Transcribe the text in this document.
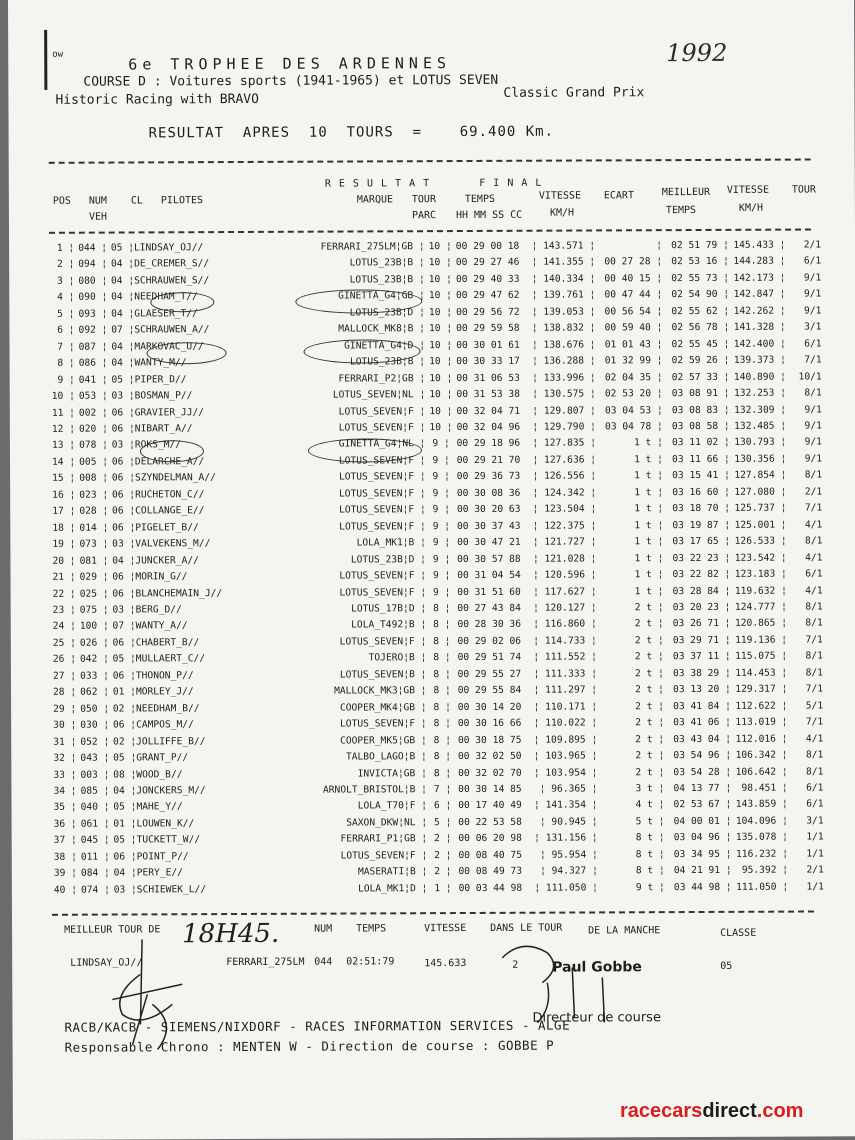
ow	6e TROPHEE DES ARDENNES	1992
COURSE D : Voitures sports (1941-1965) et LOTUS SEVEN
Historic Racing with BRAVO	Classic Grand Prix
RESULTAT  APRES  10  TOURS  =    69.400 Km.
R E S U L T A T       F I N A L
POS NUM
VEH
CL PILOTES	MARQUE TOUR
PARC
TEMPS
HH MM SS CC
VITESSE
KM/H
ECART	MEILLEUR
TEMPS
VITESSE
KM/H
TOUR
1 ¦	044 ¦	05 ¦	LINDSAY_OJ//	FERRARI_275LM¦GB ¦	10 ¦	00 29 00 18	¦ 143.571 ¦	¦	02 51 79 ¦	145.433 ¦	2/1
2 ¦	094 ¦	04 ¦	DE_CREMER_S//	LOTUS_23B¦B ¦	10 ¦	00 29 27 46	¦ 141.355 ¦	00 27 28 ¦	02 53 16 ¦	144.283 ¦	6/1
3 ¦	080 ¦	04 ¦	SCHRAUWEN_S//	LOTUS_23B¦B ¦	10 ¦	00 29 40 33	¦ 140.334 ¦	00 40 15 ¦	02 55 73 ¦	142.173 ¦	9/1
4 ¦	090 ¦	04 ¦	NEEDHAM_T//	GINETTA_G4¦GB ¦	10 ¦	00 29 47 62	¦ 139.761 ¦	00 47 44 ¦	02 54 90 ¦	142.847 ¦	9/1
5 ¦	093 ¦	04 ¦	GLAESER_T//	LOTUS_23B¦D ¦	10 ¦	00 29 56 72	¦ 139.053 ¦	00 56 54 ¦	02 55 62 ¦	142.262 ¦	9/1
6 ¦	092 ¦	07 ¦	SCHRAUWEN_A//	MALLOCK_MK8¦B ¦	10 ¦	00 29 59 58	¦ 138.832 ¦	00 59 40 ¦	02 56 78 ¦	141.328 ¦	3/1
7 ¦	087 ¦	04 ¦	MARKOVAC_U//	GINETTA_G4¦D ¦	10 ¦	00 30 01 61	¦ 138.676 ¦	01 01 43 ¦	02 55 45 ¦	142.400 ¦	6/1
8 ¦	086 ¦	04 ¦	WANTY_M//	LOTUS_23B¦B ¦	10 ¦	00 30 33 17	¦ 136.288 ¦	01 32 99 ¦	02 59 26 ¦	139.373 ¦	7/1
9 ¦	041 ¦	05 ¦	PIPER_D//	FERRARI_P2¦GB ¦	10 ¦	00 31 06 53	¦ 133.996 ¦	02 04 35 ¦	02 57 33 ¦	140.890 ¦	10/1
10 ¦	053 ¦	03 ¦	BOSMAN_P//	LOTUS_SEVEN¦NL ¦	10 ¦	00 31 53 38	¦ 130.575 ¦	02 53 20 ¦	03 08 91 ¦	132.253 ¦	8/1
11 ¦	002 ¦	06 ¦	GRAVIER_JJ//	LOTUS_SEVEN¦F ¦	10 ¦	00 32 04 71	¦ 129.807 ¦	03 04 53 ¦	03 08 83 ¦	132.309 ¦	9/1
12 ¦	020 ¦	06 ¦	NIBART_A//	LOTUS_SEVEN¦F ¦	10 ¦	00 32 04 96	¦ 129.790 ¦	03 04 78 ¦	03 08 58 ¦	132.485 ¦	9/1
13 ¦	078 ¦	03 ¦	ROKS_M//	GINETTA_G4¦NL ¦	9 ¦	00 29 18 96	¦ 127.835 ¦	1 t ¦	03 11 02 ¦	130.793 ¦	9/1
14 ¦	005 ¦	06 ¦	DELARCHE_A//	LOTUS_SEVEN¦F ¦	9 ¦	00 29 21 70	¦ 127.636 ¦	1 t ¦	03 11 66 ¦	130.356 ¦	9/1
15 ¦	008 ¦	06 ¦	SZYNDELMAN_A//	LOTUS_SEVEN¦F ¦	9 ¦	00 29 36 73	¦ 126.556 ¦	1 t ¦	03 15 41 ¦	127.854 ¦	8/1
16 ¦	023 ¦	06 ¦	RUCHETON_C//	LOTUS_SEVEN¦F ¦	9 ¦	00 30 08 36	¦ 124.342 ¦	1 t ¦	03 16 60 ¦	127.080 ¦	2/1
17 ¦	028 ¦	06 ¦	COLLANGE_E//	LOTUS_SEVEN¦F ¦	9 ¦	00 30 20 63	¦ 123.504 ¦	1 t ¦	03 18 70 ¦	125.737 ¦	7/1
18 ¦	014 ¦	06 ¦	PIGELET_B//	LOTUS_SEVEN¦F ¦	9 ¦	00 30 37 43	¦ 122.375 ¦	1 t ¦	03 19 87 ¦	125.001 ¦	4/1
19 ¦	073 ¦	03 ¦	VALVEKENS_M//	LOLA_MK1¦B ¦	9 ¦	00 30 47 21	¦ 121.727 ¦	1 t ¦	03 17 65 ¦	126.533 ¦	8/1
20 ¦	081 ¦	04 ¦	JUNCKER_A//	LOTUS_23B¦D ¦	9 ¦	00 30 57 88	¦ 121.028 ¦	1 t ¦	03 22 23 ¦	123.542 ¦	4/1
21 ¦	029 ¦	06 ¦	MORIN_G//	LOTUS_SEVEN¦F ¦	9 ¦	00 31 04 54	¦ 120.596 ¦	1 t ¦	03 22 82 ¦	123.183 ¦	6/1
22 ¦	025 ¦	06 ¦	BLANCHEMAIN_J//	LOTUS_SEVEN¦F ¦	9 ¦	00 31 51 60	¦ 117.627 ¦	1 t ¦	03 28 84 ¦	119.632 ¦	4/1
23 ¦	075 ¦	03 ¦	BERG_D//	LOTUS_17B¦D ¦	8 ¦	00 27 43 84	¦ 120.127 ¦	2 t ¦	03 20 23 ¦	124.777 ¦	8/1
24 ¦	100 ¦	07 ¦	WANTY_A//	LOLA_T492¦B ¦	8 ¦	00 28 30 36	¦ 116.860 ¦	2 t ¦	03 26 71 ¦	120.865 ¦	8/1
25 ¦	026 ¦	06 ¦	CHABERT_B//	LOTUS_SEVEN¦F ¦	8 ¦	00 29 02 06	¦ 114.733 ¦	2 t ¦	03 29 71 ¦	119.136 ¦	7/1
26 ¦	042 ¦	05 ¦	MULLAERT_C//	TOJERO¦B ¦	8 ¦	00 29 51 74	¦ 111.552 ¦	2 t ¦	03 37 11 ¦	115.075 ¦	8/1
27 ¦	033 ¦	06 ¦	THONON_P//	LOTUS_SEVEN¦B ¦	8 ¦	00 29 55 27	¦ 111.333 ¦	2 t ¦	03 38 29 ¦	114.453 ¦	8/1
28 ¦	062 ¦	01 ¦	MORLEY_J//	MALLOCK_MK3¦GB ¦	8 ¦	00 29 55 84	¦ 111.297 ¦	2 t ¦	03 13 20 ¦	129.317 ¦	7/1
29 ¦	050 ¦	02 ¦	NEEDHAM_B//	COOPER_MK4¦GB ¦	8 ¦	00 30 14 20	¦ 110.171 ¦	2 t ¦	03 41 84 ¦	112.622 ¦	5/1
30 ¦	030 ¦	06 ¦	CAMPOS_M//	LOTUS_SEVEN¦F ¦	8 ¦	00 30 16 66	¦ 110.022 ¦	2 t ¦	03 41 06 ¦	113.019 ¦	7/1
31 ¦	052 ¦	02 ¦	JOLLIFFE_B//	COOPER_MK5¦GB ¦	8 ¦	00 30 18 75	¦ 109.895 ¦	2 t ¦	03 43 04 ¦	112.016 ¦	4/1
32 ¦	043 ¦	05 ¦	GRANT_P//	TALBO_LAGO¦B ¦	8 ¦	00 32 02 50	¦ 103.965 ¦	2 t ¦	03 54 96 ¦	106.342 ¦	8/1
33 ¦	003 ¦	08 ¦	WOOD_B//	INVICTA¦GB ¦	8 ¦	00 32 02 70	¦ 103.954 ¦	2 t ¦	03 54 28 ¦	106.642 ¦	8/1
34 ¦	085 ¦	04 ¦	JONCKERS_M//	ARNOLT_BRISTOL¦B ¦	7 ¦	00 30 14 85	¦ 96.365 ¦	3 t ¦	04 13 77 ¦	98.451 ¦	6/1
35 ¦	040 ¦	05 ¦	MAHE_Y//	LOLA_T70¦F ¦	6 ¦	00 17 40 49	¦ 141.354 ¦	4 t ¦	02 53 67 ¦	143.859 ¦	6/1
36 ¦	061 ¦	01 ¦	LOUWEN_K//	SAXON_DKW¦NL ¦	5 ¦	00 22 53 58	¦ 90.945 ¦	5 t ¦	04 00 01 ¦	104.096 ¦	3/1
37 ¦	045 ¦	05 ¦	TUCKETT_W//	FERRARI_P1¦GB ¦	2 ¦	00 06 20 98	¦ 131.156 ¦	8 t ¦	03 04 96 ¦	135.078 ¦	1/1
38 ¦	011 ¦	06 ¦	POINT_P//	LOTUS_SEVEN¦F ¦	2 ¦	00 08 40 75	¦ 95.954 ¦	8 t ¦	03 34 95 ¦	116.232 ¦	1/1
39 ¦	084 ¦	04 ¦	PERY_E//	MASERATI¦B ¦	2 ¦	00 08 49 73	¦ 94.327 ¦	8 t ¦	04 21 91 ¦	95.392 ¦	2/1
40 ¦	074 ¦	03 ¦	SCHIEWEK_L//	LOLA_MK1¦D ¦	1 ¦	00 03 44 98	¦ 111.050 ¦	9 t ¦	03 44 98 ¦	111.050 ¦	1/1
MEILLEUR TOUR DE	NUM TEMPS	VITESSE DANS LE TOUR	DE LA MANCHE	CLASSE
18H45.
LINDSAY_OJ//	FERRARI_275LM 044 02:51:79	145.633	2	05
Paul Gobbe
Directeur de course
RACB/KACB - SIEMENS/NIXDORF - RACES INFORMATION SERVICES - ALGE
Responsable Chrono : MENTEN W - Direction de course : GOBBE P
racecarsdirect.com
